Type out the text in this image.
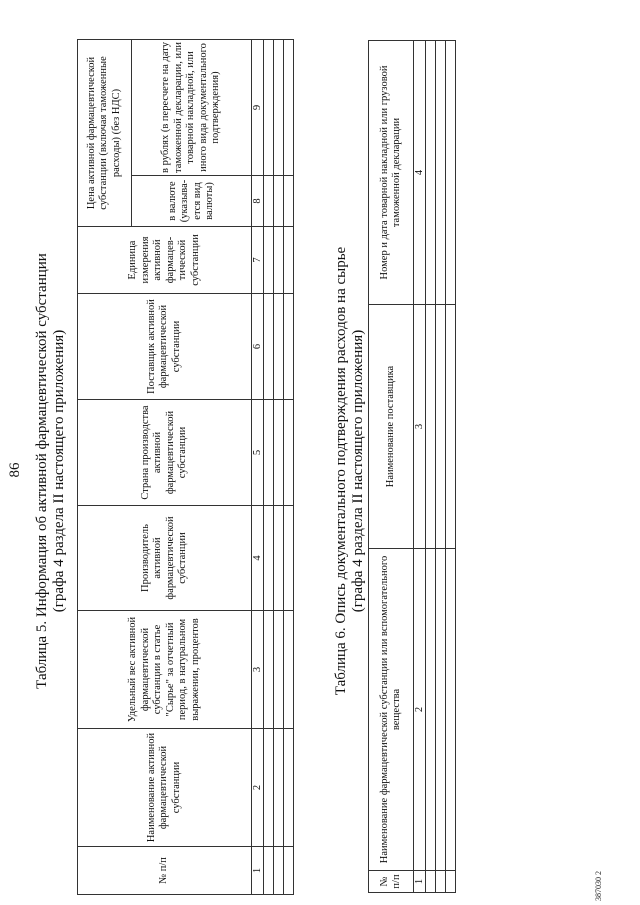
86 Таблица 5. Информация об активной фармацевтической субстанции (графа 4 раздела II настоящего приложения)
№ п/п	Наименование активной фармацевтической субстанции	Удельный вес активной фармацевтической субстанции в статье "Сырье" за отчетный период, в натуральном выражении, процентов	Производитель активной фармацевтической субстанции	Страна производства активной фармацевтической субстанции	Поставщик активной фармацевтической субстанции	Единица измерения активной фармацев-тической субстанции	Цена активной фармацевтической субстанции (включая таможенные расходы) (без НДС)	
							в валюте (указыва-ется вид валюты)	в рублях (в пересчете на дату таможенной декларации, или товарной накладной, или иного вида документального подтверждения)
1	2	3	4	5	6	7	8	9

Таблица 6. Опись документального подтверждения расходов на сырье (графа 4 раздела II настоящего приложения)
№ п/п	Наименование фармацевтической субстанции или вспомогательного вещества	Наименование поставщика	Номер и дата товарной накладной или грузовой таможенной декларации
1	2	3	4

387030 2
